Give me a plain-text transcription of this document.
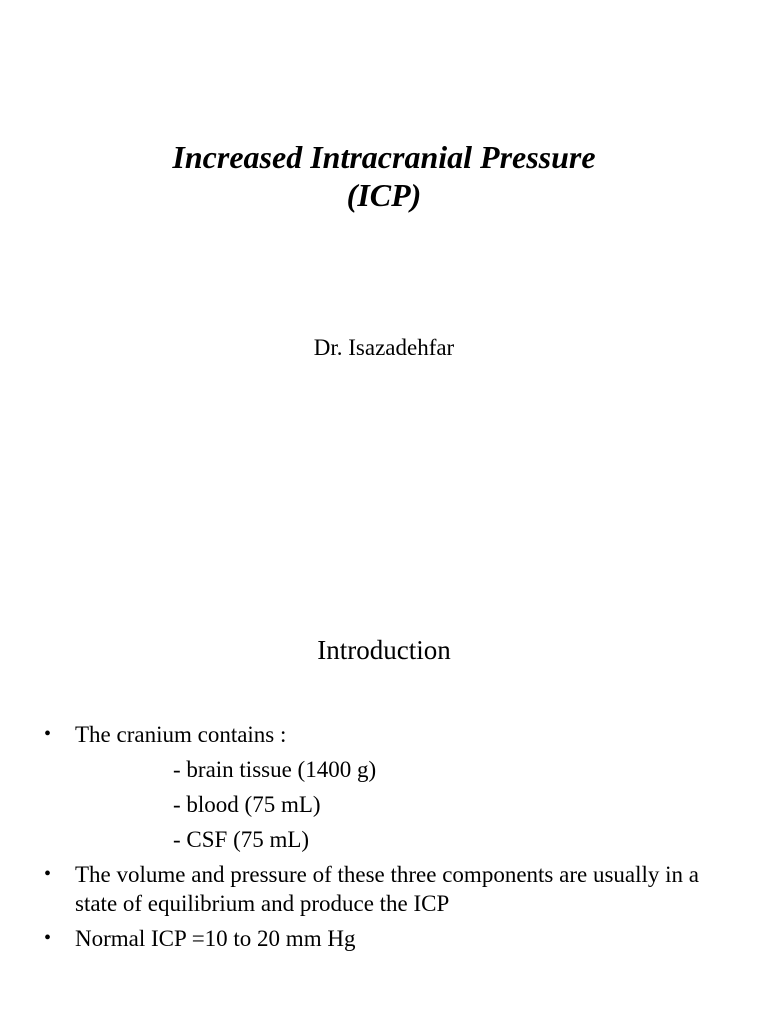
Increased Intracranial Pressure
(ICP)
Dr. Isazadehfar
Introduction
• The cranium contains :
- brain tissue (1400 g)
- blood (75 mL)
- CSF (75 mL)
• The volume and pressure of these three components are usually in a state of equilibrium and produce the ICP
• Normal ICP =10 to 20 mm Hg
